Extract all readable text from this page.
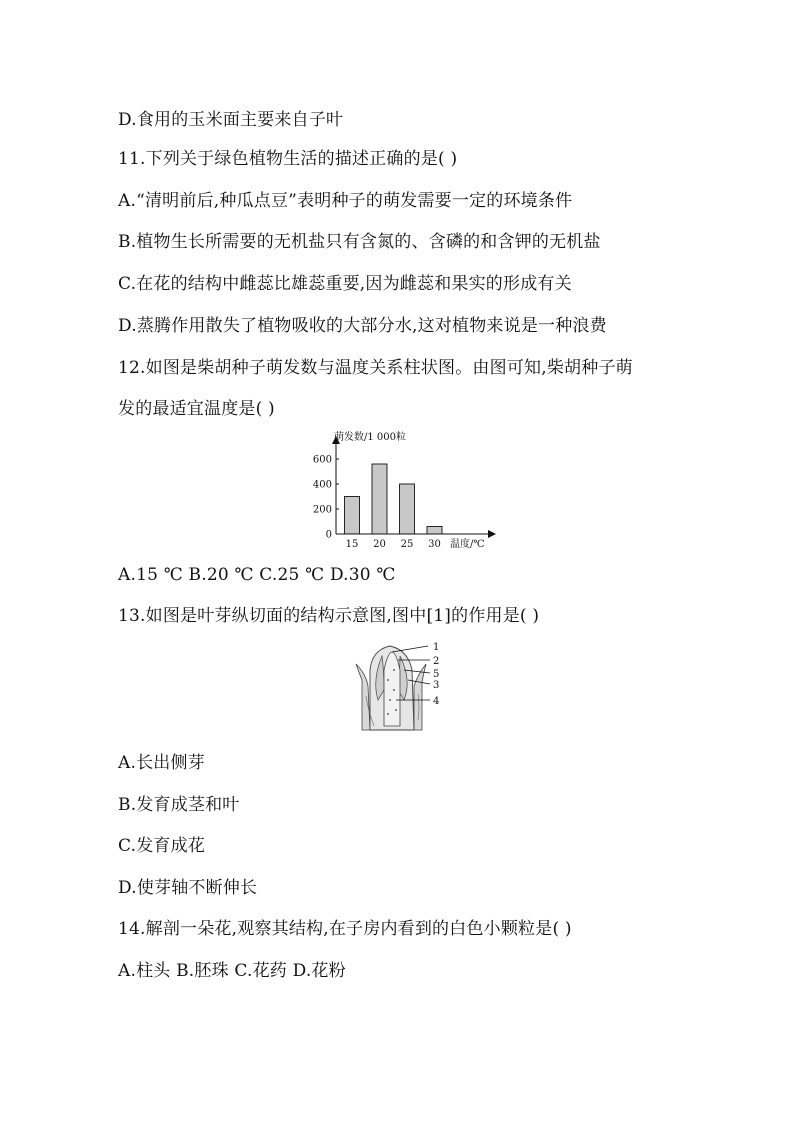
D.食用的玉米面主要来自子叶
11.下列关于绿色植物生活的描述正确的是( )
A.“清明前后,种瓜点豆”表明种子的萌发需要一定的环境条件
B.植物生长所需要的无机盐只有含氮的、含磷的和含钾的无机盐
C.在花的结构中雌蕊比雄蕊重要,因为雌蕊和果实的形成有关
D.蒸腾作用散失了植物吸收的大部分水,这对植物来说是一种浪费
12.如图是柴胡种子萌发数与温度关系柱状图。由图可知,柴胡种子萌
发的最适宜温度是( )
0
200
400
600
15 20 25 30
萌发数/1 000粒
温度/℃
A.15 ℃ B.20 ℃ C.25 ℃ D.30 ℃
13.如图是叶芽纵切面的结构示意图,图中[1]的作用是( )
1
2
5
3
4
A.长出侧芽
B.发育成茎和叶
C.发育成花
D.使芽轴不断伸长
14.解剖一朵花,观察其结构,在子房内看到的白色小颗粒是( )
A.柱头 B.胚珠 C.花药 D.花粉
